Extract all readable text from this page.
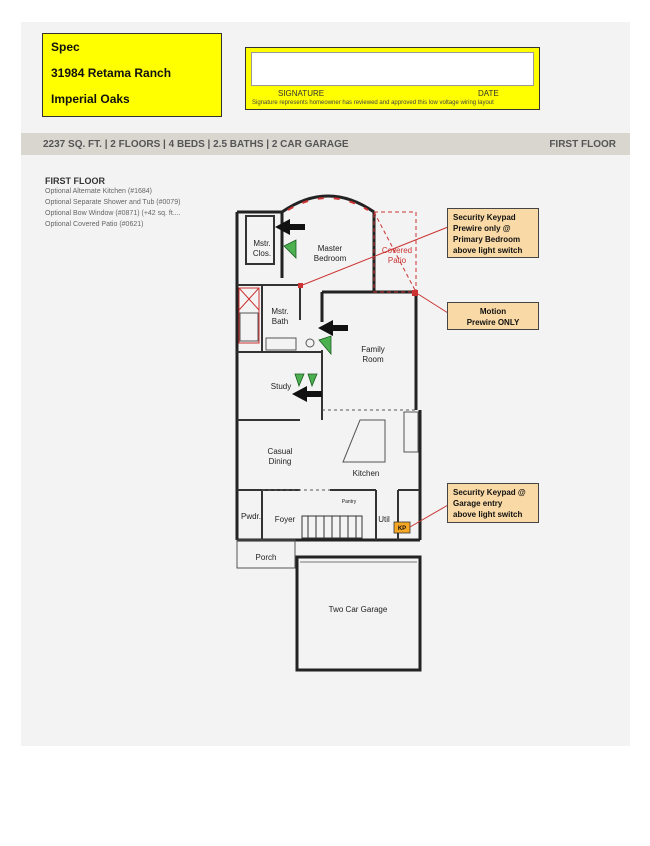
Spec
31984 Retama Ranch
Imperial Oaks	SIGNATURE	DATE
Signature represents homeowner has reviewed and approved this low voltage wiring layout
2237 SQ. FT. | 2 FLOORS | 4 BEDS | 2.5 BATHS | 2 CAR GARAGE	FIRST FLOOR
FIRST FLOOR
Optional Alternate Kitchen (#1684)
Optional Separate Shower and Tub (#0079)
Optional Bow Window (#0871) (+42 sq. ft....
Optional Covered Patio (#0621)
Mstr.
Clos.
Master
Bedroom
Covered
Patio
Mstr.
Bath
Family
Room
Study
Casual
Dining
Kitchen
Pantry
Pwdr. Foyer	Util
Porch
Two Car Garage
KP
Security Keypad
Prewire only @
Primary Bedroom
above light switch
Motion
Prewire ONLY
Security Keypad @
Garage entry
above light switch
